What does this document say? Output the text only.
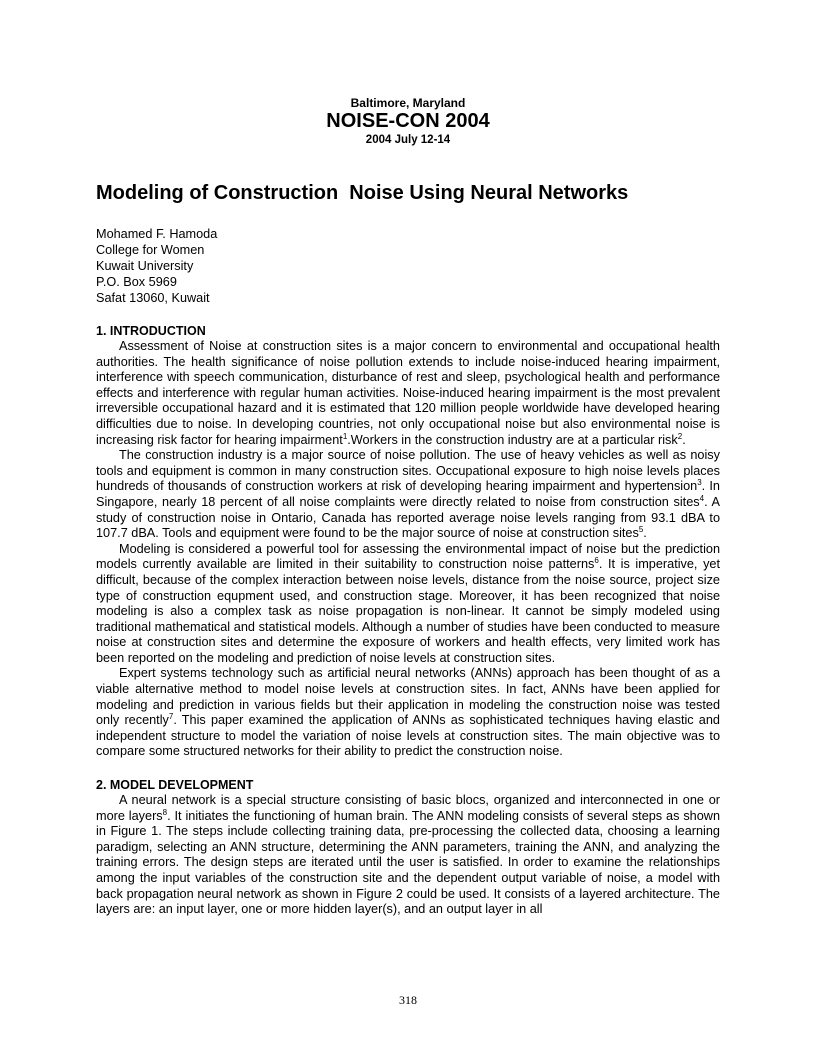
Baltimore, Maryland

NOISE-CON 2004

2004 July 12-14

Modeling of Construction  Noise Using Neural Networks
Mohamed F. Hamoda
College for Women
Kuwait University
P.O. Box 5969
Safat 13060, Kuwait
1. INTRODUCTION

Assessment of Noise at construction sites is a major concern to environmental and occupational health authorities. The health significance of noise pollution extends to include noise-induced hearing impairment, interference with speech communication, disturbance of rest and sleep, psychological health and performance effects and interference with regular human activities. Noise-induced hearing impairment is the most prevalent irreversible occupational hazard and it is estimated that 120 million people worldwide have developed hearing difficulties due to noise. In developing countries, not only occupational noise but also environmental noise is increasing risk factor for hearing impairment$^1$.Workers in the construction industry are at a particular risk$^2$.

The construction industry is a major source of noise pollution. The use of heavy vehicles as well as noisy tools and equipment is common in many construction sites. Occupational exposure to high noise levels places hundreds of thousands of construction workers at risk of developing hearing impairment and hypertension$^3$. In Singapore, nearly 18 percent of all noise complaints were directly related to noise from construction sites$^4$. A study of construction noise in Ontario, Canada has reported average noise levels ranging from 93.1 dBA to 107.7 dBA. Tools and equipment were found to be the major source of noise at construction sites$^5$.

Modeling is considered a powerful tool for assessing the environmental impact of noise but the prediction models currently available are limited in their suitability to construction noise patterns$^6$. It is imperative, yet difficult, because of the complex interaction between noise levels, distance from the noise source, project size type of construction equpment used, and construction stage. Moreover, it has been recognized that noise modeling is also a complex task as noise propagation is non-linear. It cannot be simply modeled using traditional mathematical and statistical models. Although a number of studies have been conducted to measure noise at construction sites and determine the exposure of workers and health effects, very limited work has been reported on the modeling and prediction of noise levels at construction sites.

Expert systems technology such as artificial neural networks (ANNs) approach has been thought of as a viable alternative method to model noise levels at construction sites. In fact, ANNs have been applied for modeling and prediction in various fields but their application in modeling the construction noise was tested only recently$^7$. This paper examined the application of ANNs as sophisticated techniques having elastic and independent structure to model the variation of noise levels at construction sites. The main objective was to compare some structured networks for their ability to predict the construction noise.

2. MODEL DEVELOPMENT

A neural network is a special structure consisting of basic blocs, organized and interconnected in one or more layers$^8$. It initiates the functioning of human brain. The ANN modeling consists of several steps as shown in Figure 1. The steps include collecting training data, pre-processing the collected data, choosing a learning paradigm, selecting an ANN structure, determining the ANN parameters, training the ANN, and analyzing the training errors. The design steps are iterated until the user is satisfied. In order to examine the relationships among the input variables of the construction site and the dependent output variable of noise, a model with back propagation neural network as shown in Figure 2 could be used. It consists of a layered architecture. The layers are: an input layer, one or more hidden layer(s), and an output layer in all

318
